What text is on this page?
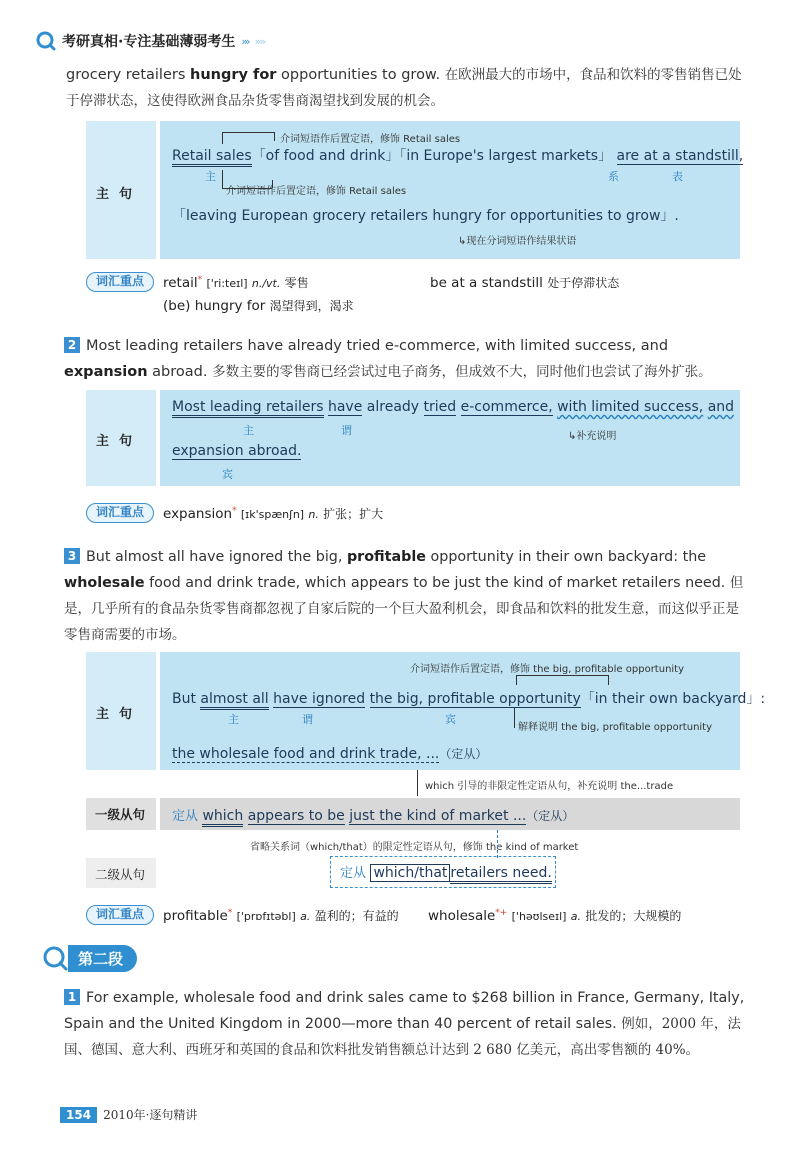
考研真相·专注基础薄弱考生 ››› ››››
grocery retailers hungry for opportunities to grow. 在欧洲最大的市场中，食品和饮料的零售销售已处于停滞状态，这使得欧洲食品杂货零售商渴望找到发展的机会。
主句
介词短语作后置定语，修饰 Retail sales
Retail sales「of food and drink」「in Europe's largest markets」 are at a standstill,
主	系	表
介词短语作后置定语，修饰 Retail sales
「leaving European grocery retailers hungry for opportunities to grow」.
↳现在分词短语作结果状语
词汇重点	retail* ['ri:teɪl] n./vt. 零售	be at a standstill 处于停滞状态
(be) hungry for 渴望得到，渴求
2 Most leading retailers have already tried e-commerce, with limited success, and expansion abroad. 多数主要的零售商已经尝试过电子商务，但成效不大，同时他们也尝试了海外扩张。
主句
Most leading retailers have already tried e-commerce, with limited success, and
主	谓	↳补充说明
expansion abroad.
宾
词汇重点	expansion* [ɪk'spænʃn] n. 扩张；扩大
3 But almost all have ignored the big, profitable opportunity in their own backyard: the wholesale food and drink trade, which appears to be just the kind of market retailers need. 但是，几乎所有的食品杂货零售商都忽视了自家后院的一个巨大盈利机会，即食品和饮料的批发生意，而这似乎正是零售商需要的市场。
主句
介词短语作后置定语，修饰 the big, profitable opportunity
But almost all have ignored the big, profitable opportunity「in their own backyard」:
主	谓	宾
解释说明 the big, profitable opportunity
the wholesale food and drink trade, ...（定从）
which 引导的非限定性定语从句，补充说明 the...trade
一级从句 定从 which appears to be just the kind of market ...（定从）
省略关系词（which/that）的限定性定语从句，修饰 the kind of market
二级从句	定从 which/that retailers need.
词汇重点	profitable* ['prɒfɪtəbl] a. 盈利的；有益的 wholesale*+ ['həʊlseɪl] a. 批发的；大规模的
第二段
1 For example, wholesale food and drink sales came to $268 billion in France, Germany, Italy, Spain and the United Kingdom in 2000—more than 40 percent of retail sales. 例如，2000 年，法国、德国、意大利、西班牙和英国的食品和饮料批发销售额总计达到 2 680 亿美元，高出零售额的 40%。
154	2010年·逐句精讲
